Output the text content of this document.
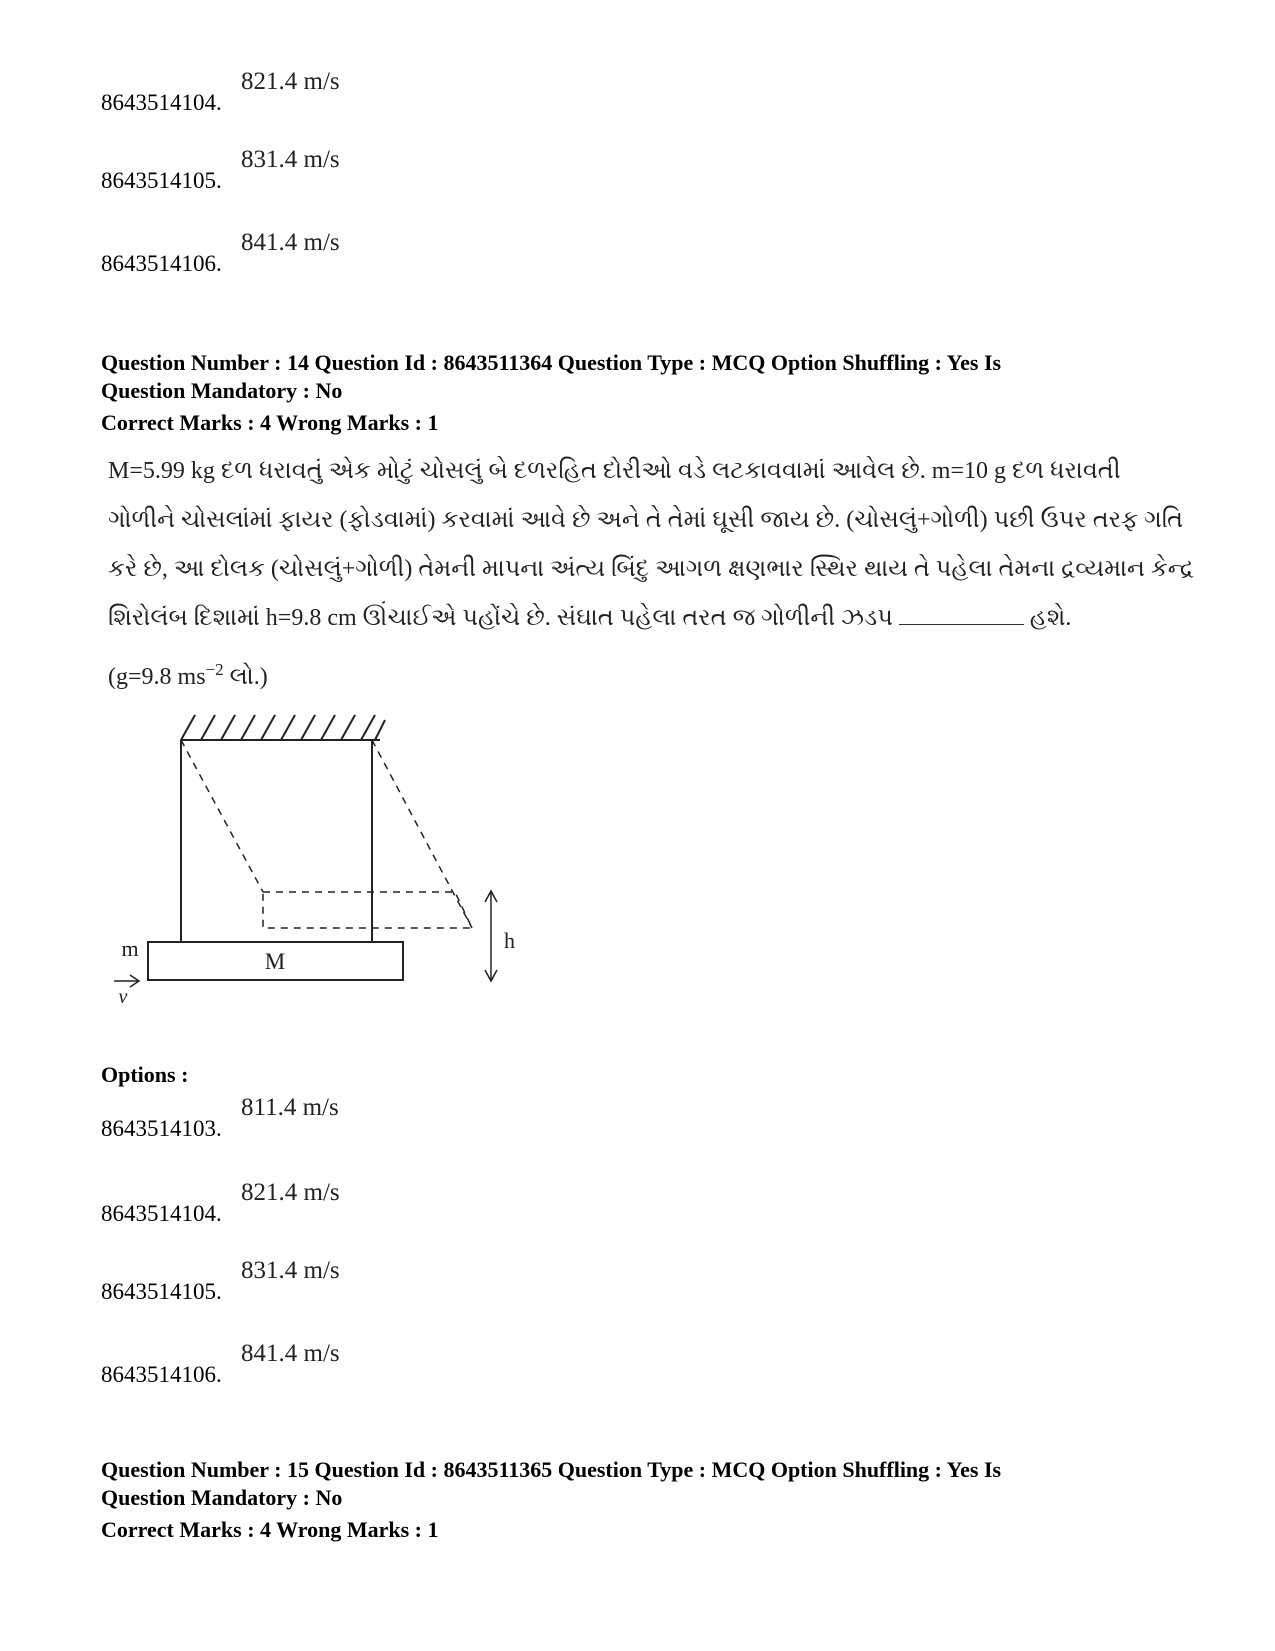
8643514104.
821.4 m/s
8643514105.
831.4 m/s
8643514106.
841.4 m/s
Question Number : 14 Question Id : 8643511364 Question Type : MCQ Option Shuffling : Yes Is
Question Mandatory : No
Correct Marks : 4 Wrong Marks : 1
M=5.99 kg દળ ધરાવતું એક મોટું ચોસલું બે દળરહિત દોરીઓ વડે લટકાવવામાં આવેલ છે. m=10 g દળ ધરાવતી
ગોળીને ચોસલાંમાં ફાયર (ફોડવામાં) કરવામાં આવે છે અને તે તેમાં ઘૂસી જાય છે. (ચોસલું+ગોળી) પછી ઉપર તરફ ગતિ
કરે છે, આ દોલક (ચોસલું+ગોળી) તેમની માપના અંત્ય બિંદુ આગળ ક્ષણભાર સ્થિર થાય તે પહેલા તેમના દ્રવ્યમાન કેન્દ્ર
શિરોલંબ દિશામાં h=9.8 cm ઊંચાઈએ પહોંચે છે. સંઘાત પહેલા તરત જ ગોળીની ઝડપ	હશે.
(g=9.8 $ms^{-2}$ લો.)
M
m
v
h
Options :
8643514103.
811.4 m/s
8643514104.
821.4 m/s
8643514105.
831.4 m/s
8643514106.
841.4 m/s
Question Number : 15 Question Id : 8643511365 Question Type : MCQ Option Shuffling : Yes Is
Question Mandatory : No
Correct Marks : 4 Wrong Marks : 1
